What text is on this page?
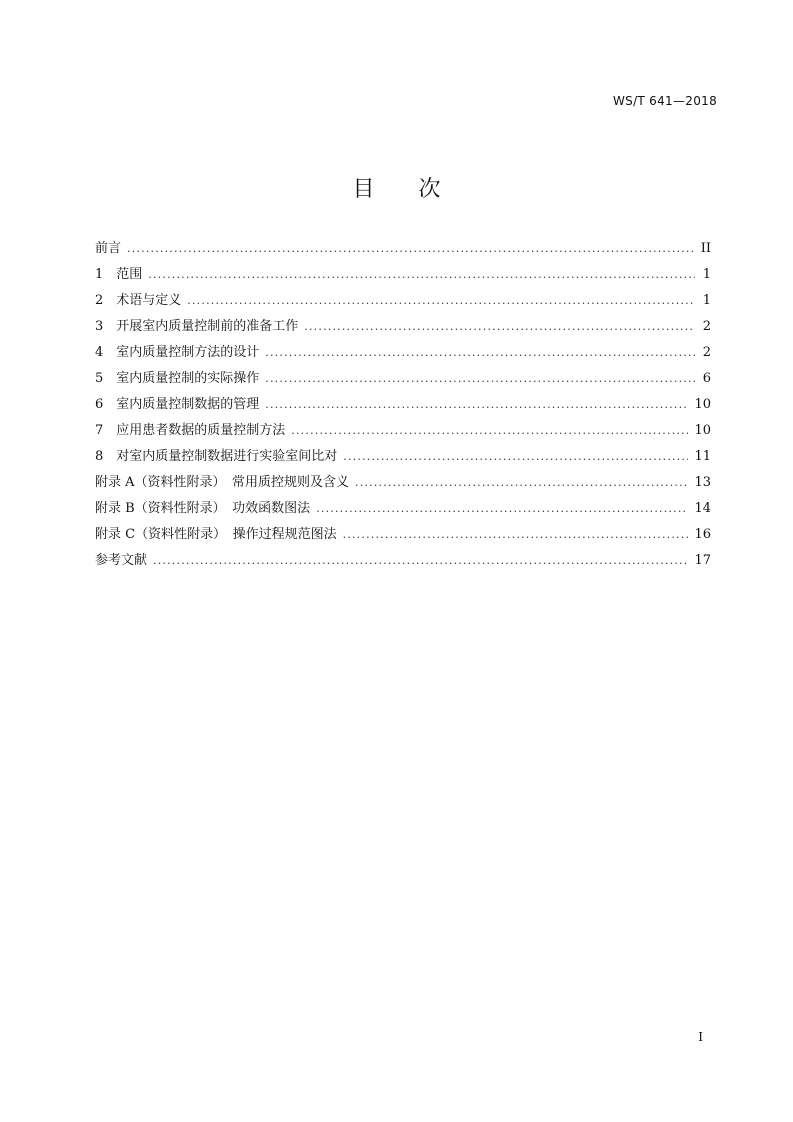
WS/T 641—2018
目　　次
前言 .....	II
1　范围 .....	1
2　术语与定义 .....	1
3　开展室内质量控制前的准备工作 .....	2
4　室内质量控制方法的设计 .....	2
5　室内质量控制的实际操作 .....	6
6　室内质量控制数据的管理 .....	10
7　应用患者数据的质量控制方法 .....	10
8　对室内质量控制数据进行实验室间比对 .....	11
附录 A（资料性附录）　常用质控规则及含义 .....	13
附录 B（资料性附录）　功效函数图法 .....	14
附录 C（资料性附录）　操作过程规范图法 .....	16
参考文献 .....	17
I
